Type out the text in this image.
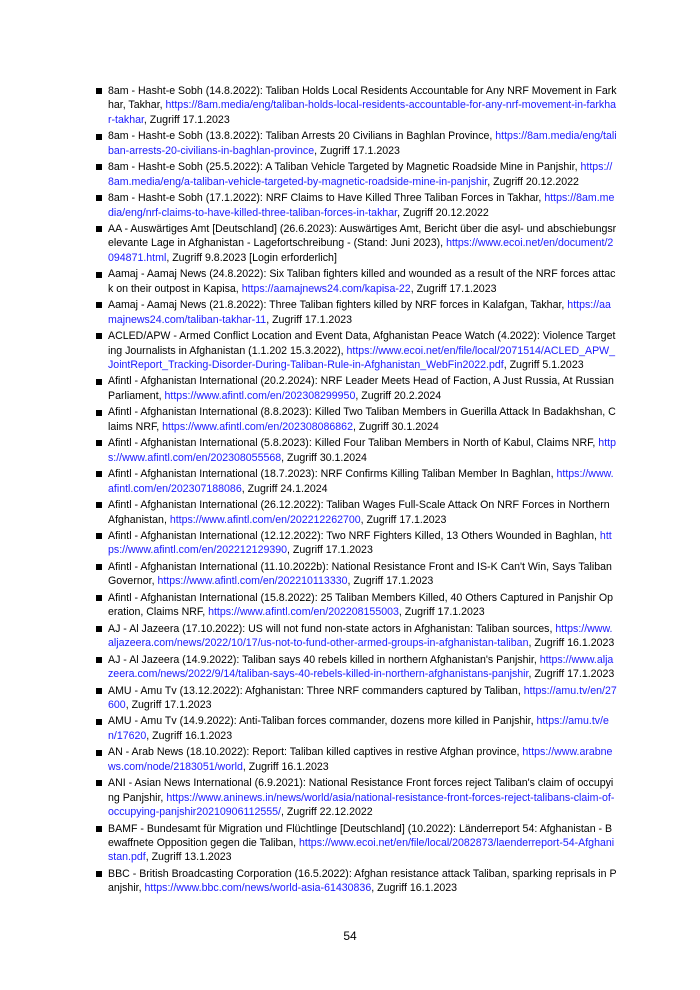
8am - Hasht-e Sobh (14.8.2022): Taliban Holds Local Residents Accountable for Any NRF Movement in Farkhar, Takhar, https://8am.media/eng/taliban-holds-local-residents-accountable-for-any-nrf-movement-in-farkhar-takhar, Zugriff 17.1.2023
8am - Hasht-e Sobh (13.8.2022): Taliban Arrests 20 Civilians in Baghlan Province, https://8am.media/eng/taliban-arrests-20-civilians-in-baghlan-province, Zugriff 17.1.2023
8am - Hasht-e Sobh (25.5.2022): A Taliban Vehicle Targeted by Magnetic Roadside Mine in Panjshir, https://8am.media/eng/a-taliban-vehicle-targeted-by-magnetic-roadside-mine-in-panjshir, Zugriff 20.12.2022
8am - Hasht-e Sobh (17.1.2022): NRF Claims to Have Killed Three Taliban Forces in Takhar, https://8am.media/eng/nrf-claims-to-have-killed-three-taliban-forces-in-takhar, Zugriff 20.12.2022
AA - Auswärtiges Amt [Deutschland] (26.6.2023): Auswärtiges Amt, Bericht über die asyl- und abschiebungsrelevante Lage in Afghanistan - Lagefortschreibung - (Stand: Juni 2023), https://www.ecoi.net/en/document/2094871.html, Zugriff 9.8.2023 [Login erforderlich]
Aamaj - Aamaj News (24.8.2022): Six Taliban fighters killed and wounded as a result of the NRF forces attack on their outpost in Kapisa, https://aamajnews24.com/kapisa-22, Zugriff 17.1.2023
Aamaj - Aamaj News (21.8.2022): Three Taliban fighters killed by NRF forces in Kalafgan, Takhar, https://aamajnews24.com/taliban-takhar-11, Zugriff 17.1.2023
ACLED/APW - Armed Conflict Location and Event Data, Afghanistan Peace Watch (4.2022): Violence Targeting Journalists in Afghanistan (1.1.202 15.3.2022), https://www.ecoi.net/en/file/local/2071514/ACLED_APW_JointReport_Tracking-Disorder-During-Taliban-Rule-in-Afghanistan_WebFin2022.pdf, Zugriff 5.1.2023
Afintl - Afghanistan International (20.2.2024): NRF Leader Meets Head of Faction, A Just Russia, At Russian Parliament, https://www.afintl.com/en/202308299950, Zugriff 20.2.2024
Afintl - Afghanistan International (8.8.2023): Killed Two Taliban Members in Guerilla Attack In Badakhshan, Claims NRF, https://www.afintl.com/en/202308086862, Zugriff 30.1.2024
Afintl - Afghanistan International (5.8.2023): Killed Four Taliban Members in North of Kabul, Claims NRF, https://www.afintl.com/en/202308055568, Zugriff 30.1.2024
Afintl - Afghanistan International (18.7.2023): NRF Confirms Killing Taliban Member In Baghlan, https://www.afintl.com/en/202307188086, Zugriff 24.1.2024
Afintl - Afghanistan International (26.12.2022): Taliban Wages Full-Scale Attack On NRF Forces in Northern Afghanistan, https://www.afintl.com/en/202212262700, Zugriff 17.1.2023
Afintl - Afghanistan International (12.12.2022): Two NRF Fighters Killed, 13 Others Wounded in Baghlan, https://www.afintl.com/en/202212129390, Zugriff 17.1.2023
Afintl - Afghanistan International (11.10.2022b): National Resistance Front and IS-K Can't Win, Says Taliban Governor, https://www.afintl.com/en/202210113330, Zugriff 17.1.2023
Afintl - Afghanistan International (15.8.2022): 25 Taliban Members Killed, 40 Others Captured in Panjshir Operation, Claims NRF, https://www.afintl.com/en/202208155003, Zugriff 17.1.2023
AJ - Al Jazeera (17.10.2022): US will not fund non-state actors in Afghanistan: Taliban sources, https://www.aljazeera.com/news/2022/10/17/us-not-to-fund-other-armed-groups-in-afghanistan-taliban, Zugriff 16.1.2023
AJ - Al Jazeera (14.9.2022): Taliban says 40 rebels killed in northern Afghanistan's Panjshir, https://www.aljazeera.com/news/2022/9/14/taliban-says-40-rebels-killed-in-northern-afghanistans-panjshir, Zugriff 17.1.2023
AMU - Amu Tv (13.12.2022): Afghanistan: Three NRF commanders captured by Taliban, https://amu.tv/en/27600, Zugriff 17.1.2023
AMU - Amu Tv (14.9.2022): Anti-Taliban forces commander, dozens more killed in Panjshir, https://amu.tv/en/17620, Zugriff 16.1.2023
AN - Arab News (18.10.2022): Report: Taliban killed captives in restive Afghan province, https://www.arabnews.com/node/2183051/world, Zugriff 16.1.2023
ANI - Asian News International (6.9.2021): National Resistance Front forces reject Taliban's claim of occupying Panjshir, https://www.aninews.in/news/world/asia/national-resistance-front-forces-reject-talibans-claim-of-occupying-panjshir20210906112555/, Zugriff 22.12.2022
BAMF - Bundesamt für Migration und Flüchtlinge [Deutschland] (10.2022): Länderreport 54: Afghanistan - Bewaffnete Opposition gegen die Taliban, https://www.ecoi.net/en/file/local/2082873/laenderreport-54-Afghanistan.pdf, Zugriff 13.1.2023
BBC - British Broadcasting Corporation (16.5.2022): Afghan resistance attack Taliban, sparking reprisals in Panjshir, https://www.bbc.com/news/world-asia-61430836, Zugriff 16.1.2023
54
